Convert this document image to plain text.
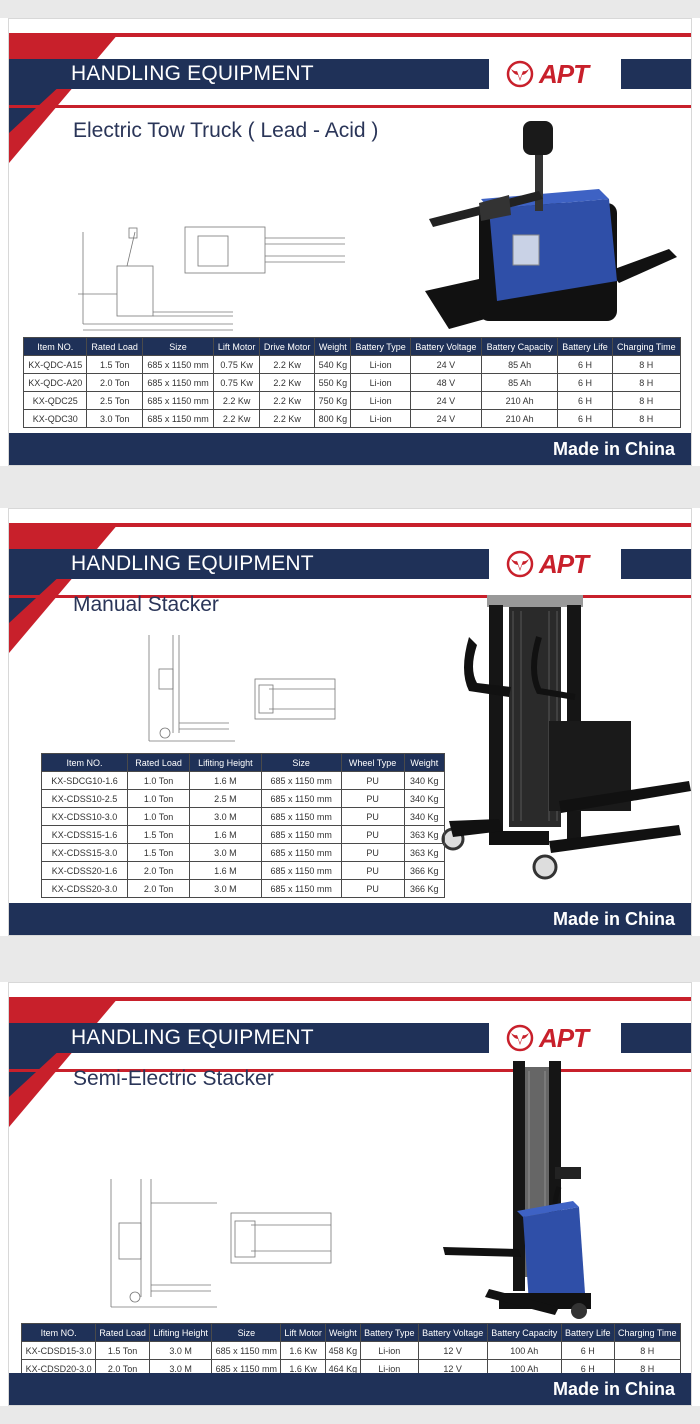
HANDLING EQUIPMENT	APT
Electric Tow Truck ( Lead - Acid )
Item NO.	Rated Load	Size	Lift Motor	Drive Motor	Weight	Battery Type	Battery Voltage	Battery Capacity	Battery Life	Charging Time
KX-QDC-A15	1.5 Ton	685 x 1150 mm	0.75 Kw	2.2 Kw	540 Kg	Li-ion	24 V	85 Ah	6 H	8 H
KX-QDC-A20	2.0 Ton	685 x 1150 mm	0.75 Kw	2.2 Kw	550 Kg	Li-ion	48 V	85 Ah	6 H	8 H
KX-QDC25	2.5 Ton	685 x 1150 mm	2.2 Kw	2.2 Kw	750 Kg	Li-ion	24 V	210 Ah	6 H	8 H
KX-QDC30	3.0 Ton	685 x 1150 mm	2.2 Kw	2.2 Kw	800 Kg	Li-ion	24 V	210 Ah	6 H	8 H
Made in China
HANDLING EQUIPMENT	APT
Manual Stacker
Item NO.	Rated Load	Lifiting Height	Size	Wheel Type	Weight
KX-SDCG10-1.6	1.0 Ton	1.6 M	685 x 1150 mm	PU	340 Kg
KX-CDSS10-2.5	1.0 Ton	2.5 M	685 x 1150 mm	PU	340 Kg
KX-CDSS10-3.0	1.0 Ton	3.0 M	685 x 1150 mm	PU	340 Kg
KX-CDSS15-1.6	1.5 Ton	1.6 M	685 x 1150 mm	PU	363 Kg
KX-CDSS15-3.0	1.5 Ton	3.0 M	685 x 1150 mm	PU	363 Kg
KX-CDSS20-1.6	2.0 Ton	1.6 M	685 x 1150 mm	PU	366 Kg
KX-CDSS20-3.0	2.0 Ton	3.0 M	685 x 1150 mm	PU	366 Kg
Made in China
HANDLING EQUIPMENT	APT
Semi-Electric Stacker
Item NO.	Rated Load	Lifiting Height	Size	Lift Motor	Weight	Battery Type	Battery Voltage	Battery Capacity	Battery Life	Charging Time
KX-CDSD15-3.0	1.5 Ton	3.0 M	685 x 1150 mm	1.6 Kw	458 Kg	Li-ion	12 V	100 Ah	6 H	8 H
KX-CDSD20-3.0	2.0 Ton	3.0 M	685 x 1150 mm	1.6 Kw	464 Kg	Li-ion	12 V	100 Ah	6 H	8 H
Made in China
